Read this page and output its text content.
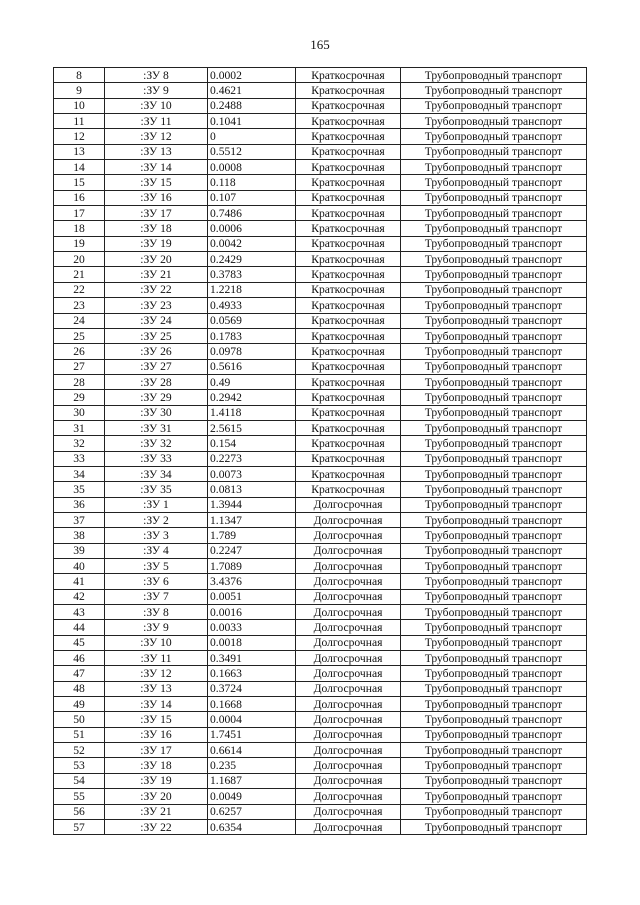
165
8	:ЗУ 8	0.0002	Краткосрочная	Трубопроводный транспорт
9	:ЗУ 9	0.4621	Краткосрочная	Трубопроводный транспорт
10	:ЗУ 10	0.2488	Краткосрочная	Трубопроводный транспорт
11	:ЗУ 11	0.1041	Краткосрочная	Трубопроводный транспорт
12	:ЗУ 12	0	Краткосрочная	Трубопроводный транспорт
13	:ЗУ 13	0.5512	Краткосрочная	Трубопроводный транспорт
14	:ЗУ 14	0.0008	Краткосрочная	Трубопроводный транспорт
15	:ЗУ 15	0.118	Краткосрочная	Трубопроводный транспорт
16	:ЗУ 16	0.107	Краткосрочная	Трубопроводный транспорт
17	:ЗУ 17	0.7486	Краткосрочная	Трубопроводный транспорт
18	:ЗУ 18	0.0006	Краткосрочная	Трубопроводный транспорт
19	:ЗУ 19	0.0042	Краткосрочная	Трубопроводный транспорт
20	:ЗУ 20	0.2429	Краткосрочная	Трубопроводный транспорт
21	:ЗУ 21	0.3783	Краткосрочная	Трубопроводный транспорт
22	:ЗУ 22	1.2218	Краткосрочная	Трубопроводный транспорт
23	:ЗУ 23	0.4933	Краткосрочная	Трубопроводный транспорт
24	:ЗУ 24	0.0569	Краткосрочная	Трубопроводный транспорт
25	:ЗУ 25	0.1783	Краткосрочная	Трубопроводный транспорт
26	:ЗУ 26	0.0978	Краткосрочная	Трубопроводный транспорт
27	:ЗУ 27	0.5616	Краткосрочная	Трубопроводный транспорт
28	:ЗУ 28	0.49	Краткосрочная	Трубопроводный транспорт
29	:ЗУ 29	0.2942	Краткосрочная	Трубопроводный транспорт
30	:ЗУ 30	1.4118	Краткосрочная	Трубопроводный транспорт
31	:ЗУ 31	2.5615	Краткосрочная	Трубопроводный транспорт
32	:ЗУ 32	0.154	Краткосрочная	Трубопроводный транспорт
33	:ЗУ 33	0.2273	Краткосрочная	Трубопроводный транспорт
34	:ЗУ 34	0.0073	Краткосрочная	Трубопроводный транспорт
35	:ЗУ 35	0.0813	Краткосрочная	Трубопроводный транспорт
36	:ЗУ 1	1.3944	Долгосрочная	Трубопроводный транспорт
37	:ЗУ 2	1.1347	Долгосрочная	Трубопроводный транспорт
38	:ЗУ 3	1.789	Долгосрочная	Трубопроводный транспорт
39	:ЗУ 4	0.2247	Долгосрочная	Трубопроводный транспорт
40	:ЗУ 5	1.7089	Долгосрочная	Трубопроводный транспорт
41	:ЗУ 6	3.4376	Долгосрочная	Трубопроводный транспорт
42	:ЗУ 7	0.0051	Долгосрочная	Трубопроводный транспорт
43	:ЗУ 8	0.0016	Долгосрочная	Трубопроводный транспорт
44	:ЗУ 9	0.0033	Долгосрочная	Трубопроводный транспорт
45	:ЗУ 10	0.0018	Долгосрочная	Трубопроводный транспорт
46	:ЗУ 11	0.3491	Долгосрочная	Трубопроводный транспорт
47	:ЗУ 12	0.1663	Долгосрочная	Трубопроводный транспорт
48	:ЗУ 13	0.3724	Долгосрочная	Трубопроводный транспорт
49	:ЗУ 14	0.1668	Долгосрочная	Трубопроводный транспорт
50	:ЗУ 15	0.0004	Долгосрочная	Трубопроводный транспорт
51	:ЗУ 16	1.7451	Долгосрочная	Трубопроводный транспорт
52	:ЗУ 17	0.6614	Долгосрочная	Трубопроводный транспорт
53	:ЗУ 18	0.235	Долгосрочная	Трубопроводный транспорт
54	:ЗУ 19	1.1687	Долгосрочная	Трубопроводный транспорт
55	:ЗУ 20	0.0049	Долгосрочная	Трубопроводный транспорт
56	:ЗУ 21	0.6257	Долгосрочная	Трубопроводный транспорт
57	:ЗУ 22	0.6354	Долгосрочная	Трубопроводный транспорт
